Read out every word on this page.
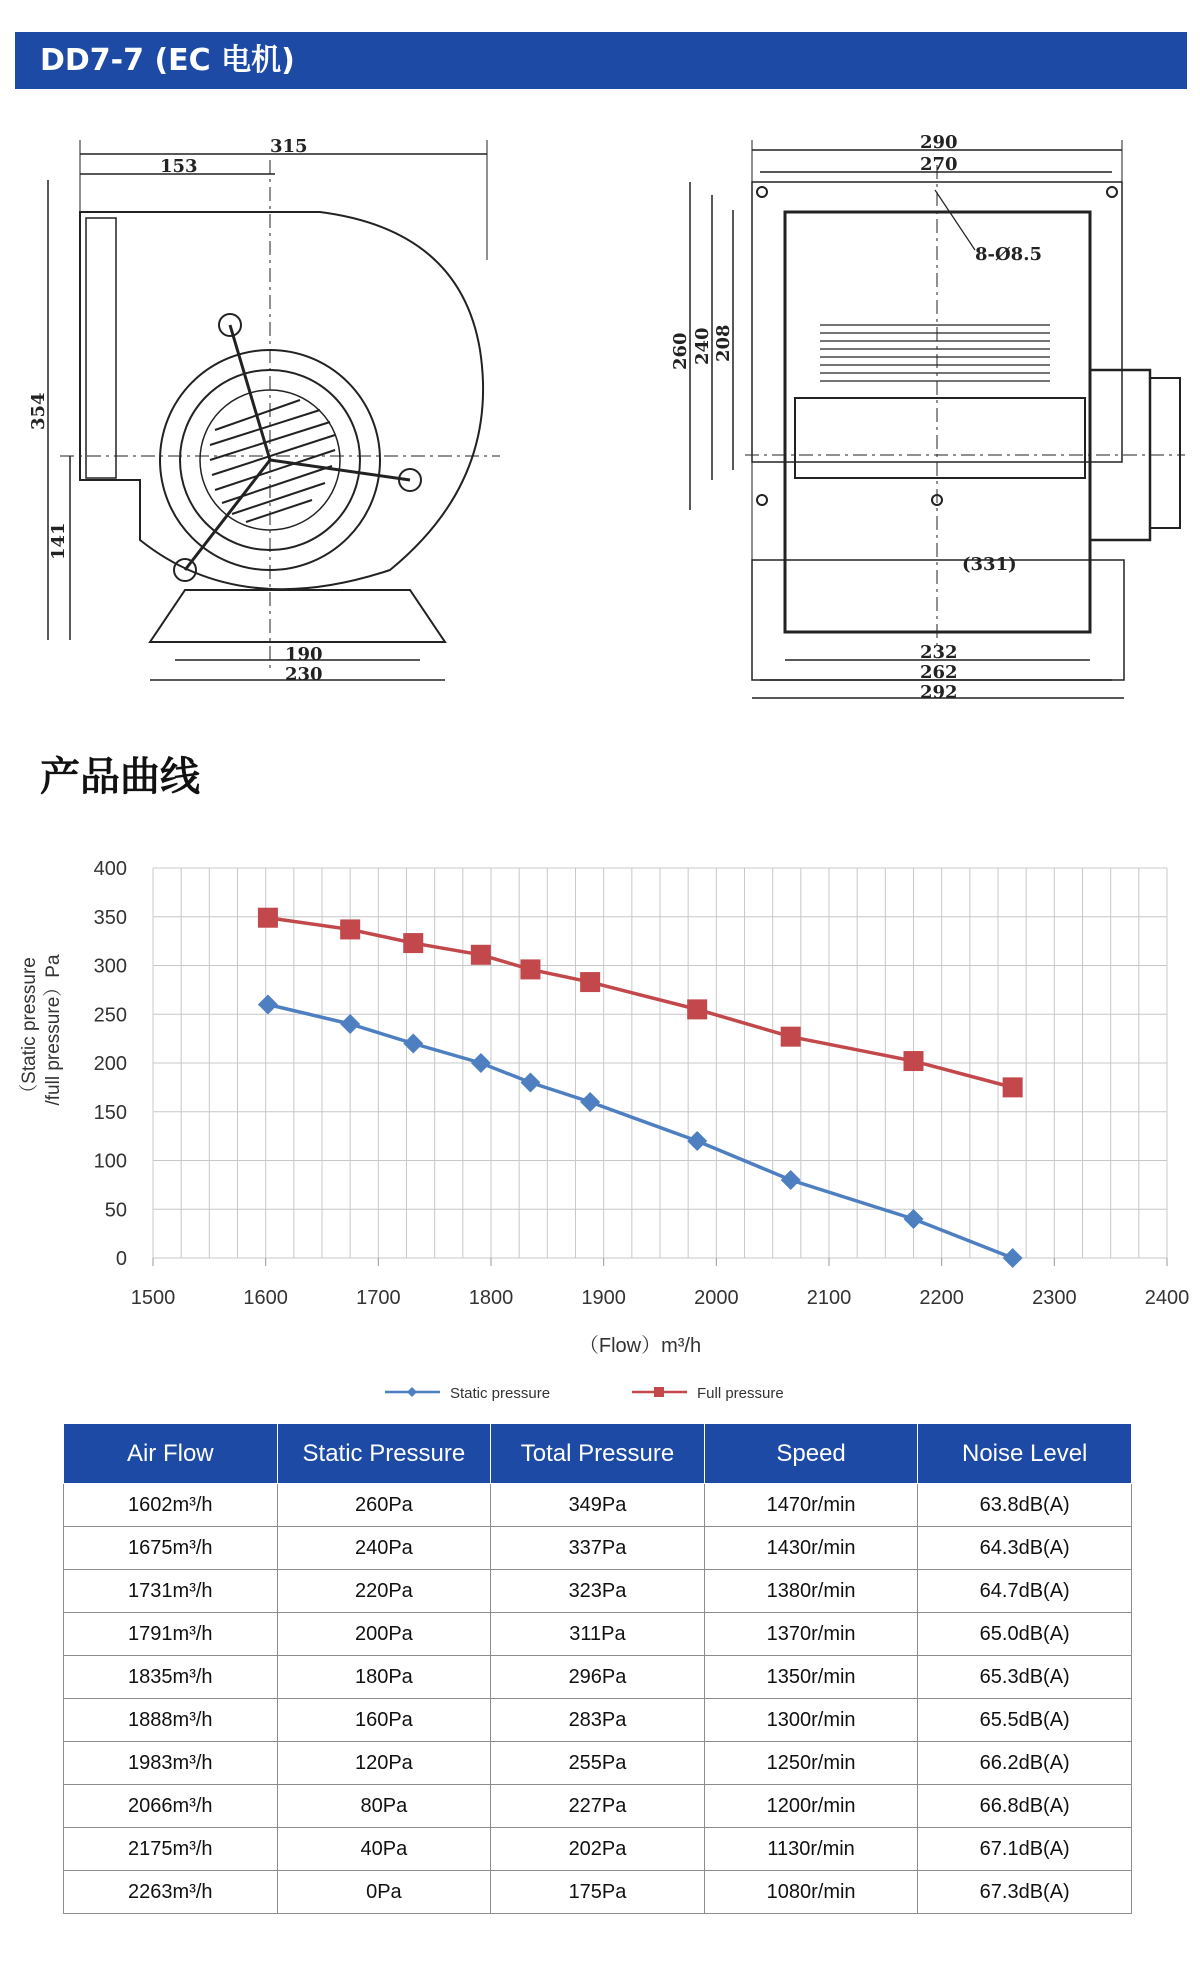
DD7-7 (EC 电机)
315
153
354
141
190
230
290
270
8-Ø8.5
260 240 208
(331)
232
262
292
产品曲线
1500	1600	1700	1800	1900	2000	2100	2200	2300	2400
0
50
100
150
200
250
300
350
400
（Flow）m³/h
（Static pressure /full pressure）Pa
Static pressure	Full pressure
Air Flow	Static Pressure	Total Pressure	Speed	Noise Level
1602m³/h	260Pa	349Pa	1470r/min	63.8dB(A)
1675m³/h	240Pa	337Pa	1430r/min	64.3dB(A)
1731m³/h	220Pa	323Pa	1380r/min	64.7dB(A)
1791m³/h	200Pa	311Pa	1370r/min	65.0dB(A)
1835m³/h	180Pa	296Pa	1350r/min	65.3dB(A)
1888m³/h	160Pa	283Pa	1300r/min	65.5dB(A)
1983m³/h	120Pa	255Pa	1250r/min	66.2dB(A)
2066m³/h	80Pa	227Pa	1200r/min	66.8dB(A)
2175m³/h	40Pa	202Pa	1130r/min	67.1dB(A)
2263m³/h	0Pa	175Pa	1080r/min	67.3dB(A)
